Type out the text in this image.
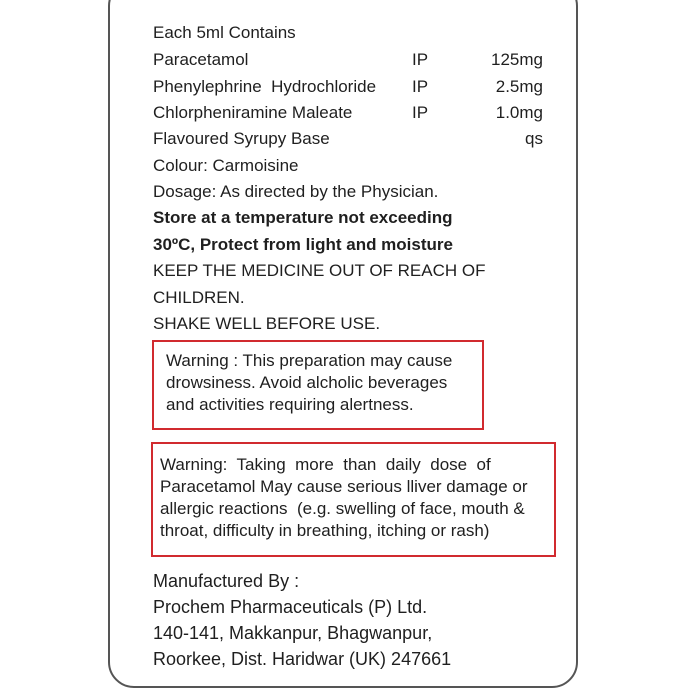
Each 5ml Contains
Paracetamol	IP	125mg
Phenylephrine  Hydrochloride IP	2.5mg
Chlorpheniramine Maleate	IP	1.0mg
Flavoured Syrupy Base	qs
Colour: Carmoisine
Dosage: As directed by the Physician.
Store at a temperature not exceeding
30ºC, Protect from light and moisture
KEEP THE MEDICINE OUT OF REACH OF
CHILDREN.
SHAKE WELL BEFORE USE.

Warning : This preparation may cause

drowsiness. Avoid alcholic beverages

and activities requiring alertness.

Warning:  Taking  more  than  daily  dose  of

Paracetamol May cause serious lliver damage or

allergic reactions  (e.g. swelling of face, mouth &

throat, difficulty in breathing, itching or rash)

Manufactured By :
Prochem Pharmaceuticals (P) Ltd.
140-141, Makkanpur, Bhagwanpur,
Roorkee, Dist. Haridwar (UK) 247661
